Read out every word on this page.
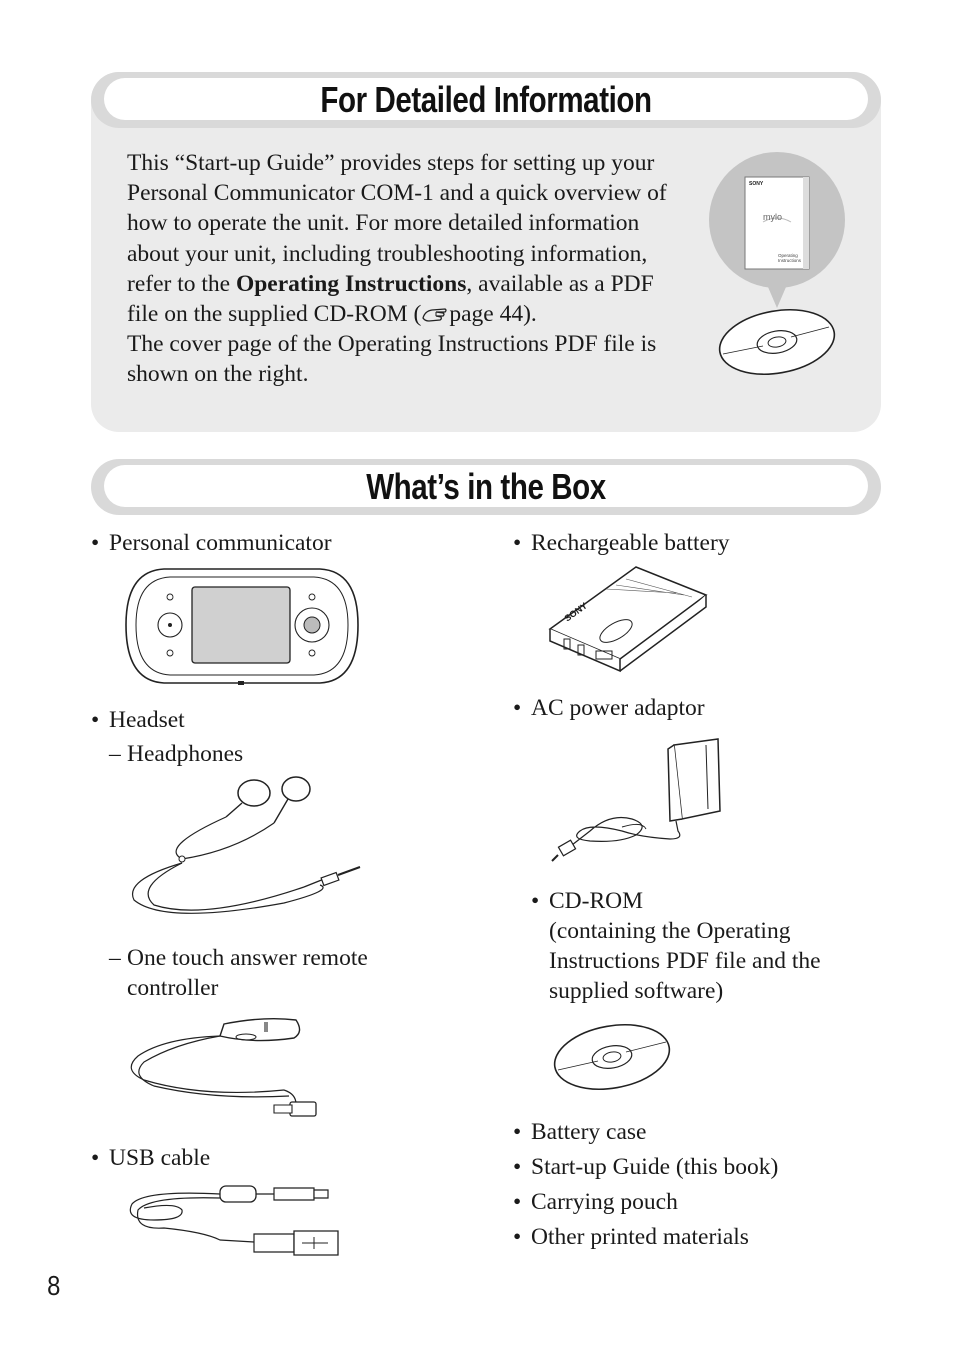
For Detailed Information

This “Start-up Guide” provides steps for setting up your Personal Communicator COM-1 and a quick overview of how to operate the unit. For more detailed information about your unit, including troubleshooting information, refer to the Operating Instructions, available as a PDF file on the supplied CD-ROM ( page 44).

The cover page of the Operating Instructions PDF file is shown on the right.

SONY
mylo
Operating
Instructions
What’s in the Box
• Personal communicator
• Headset
– Headphones
– One touch answer remote
controller
• USB cable
• Rechargeable battery
SONY
• AC power adaptor
• CD-ROM
(containing the Operating
Instructions PDF file and the
supplied software)
• Battery case
• Start-up Guide (this book)
• Carrying pouch
• Other printed materials
8
